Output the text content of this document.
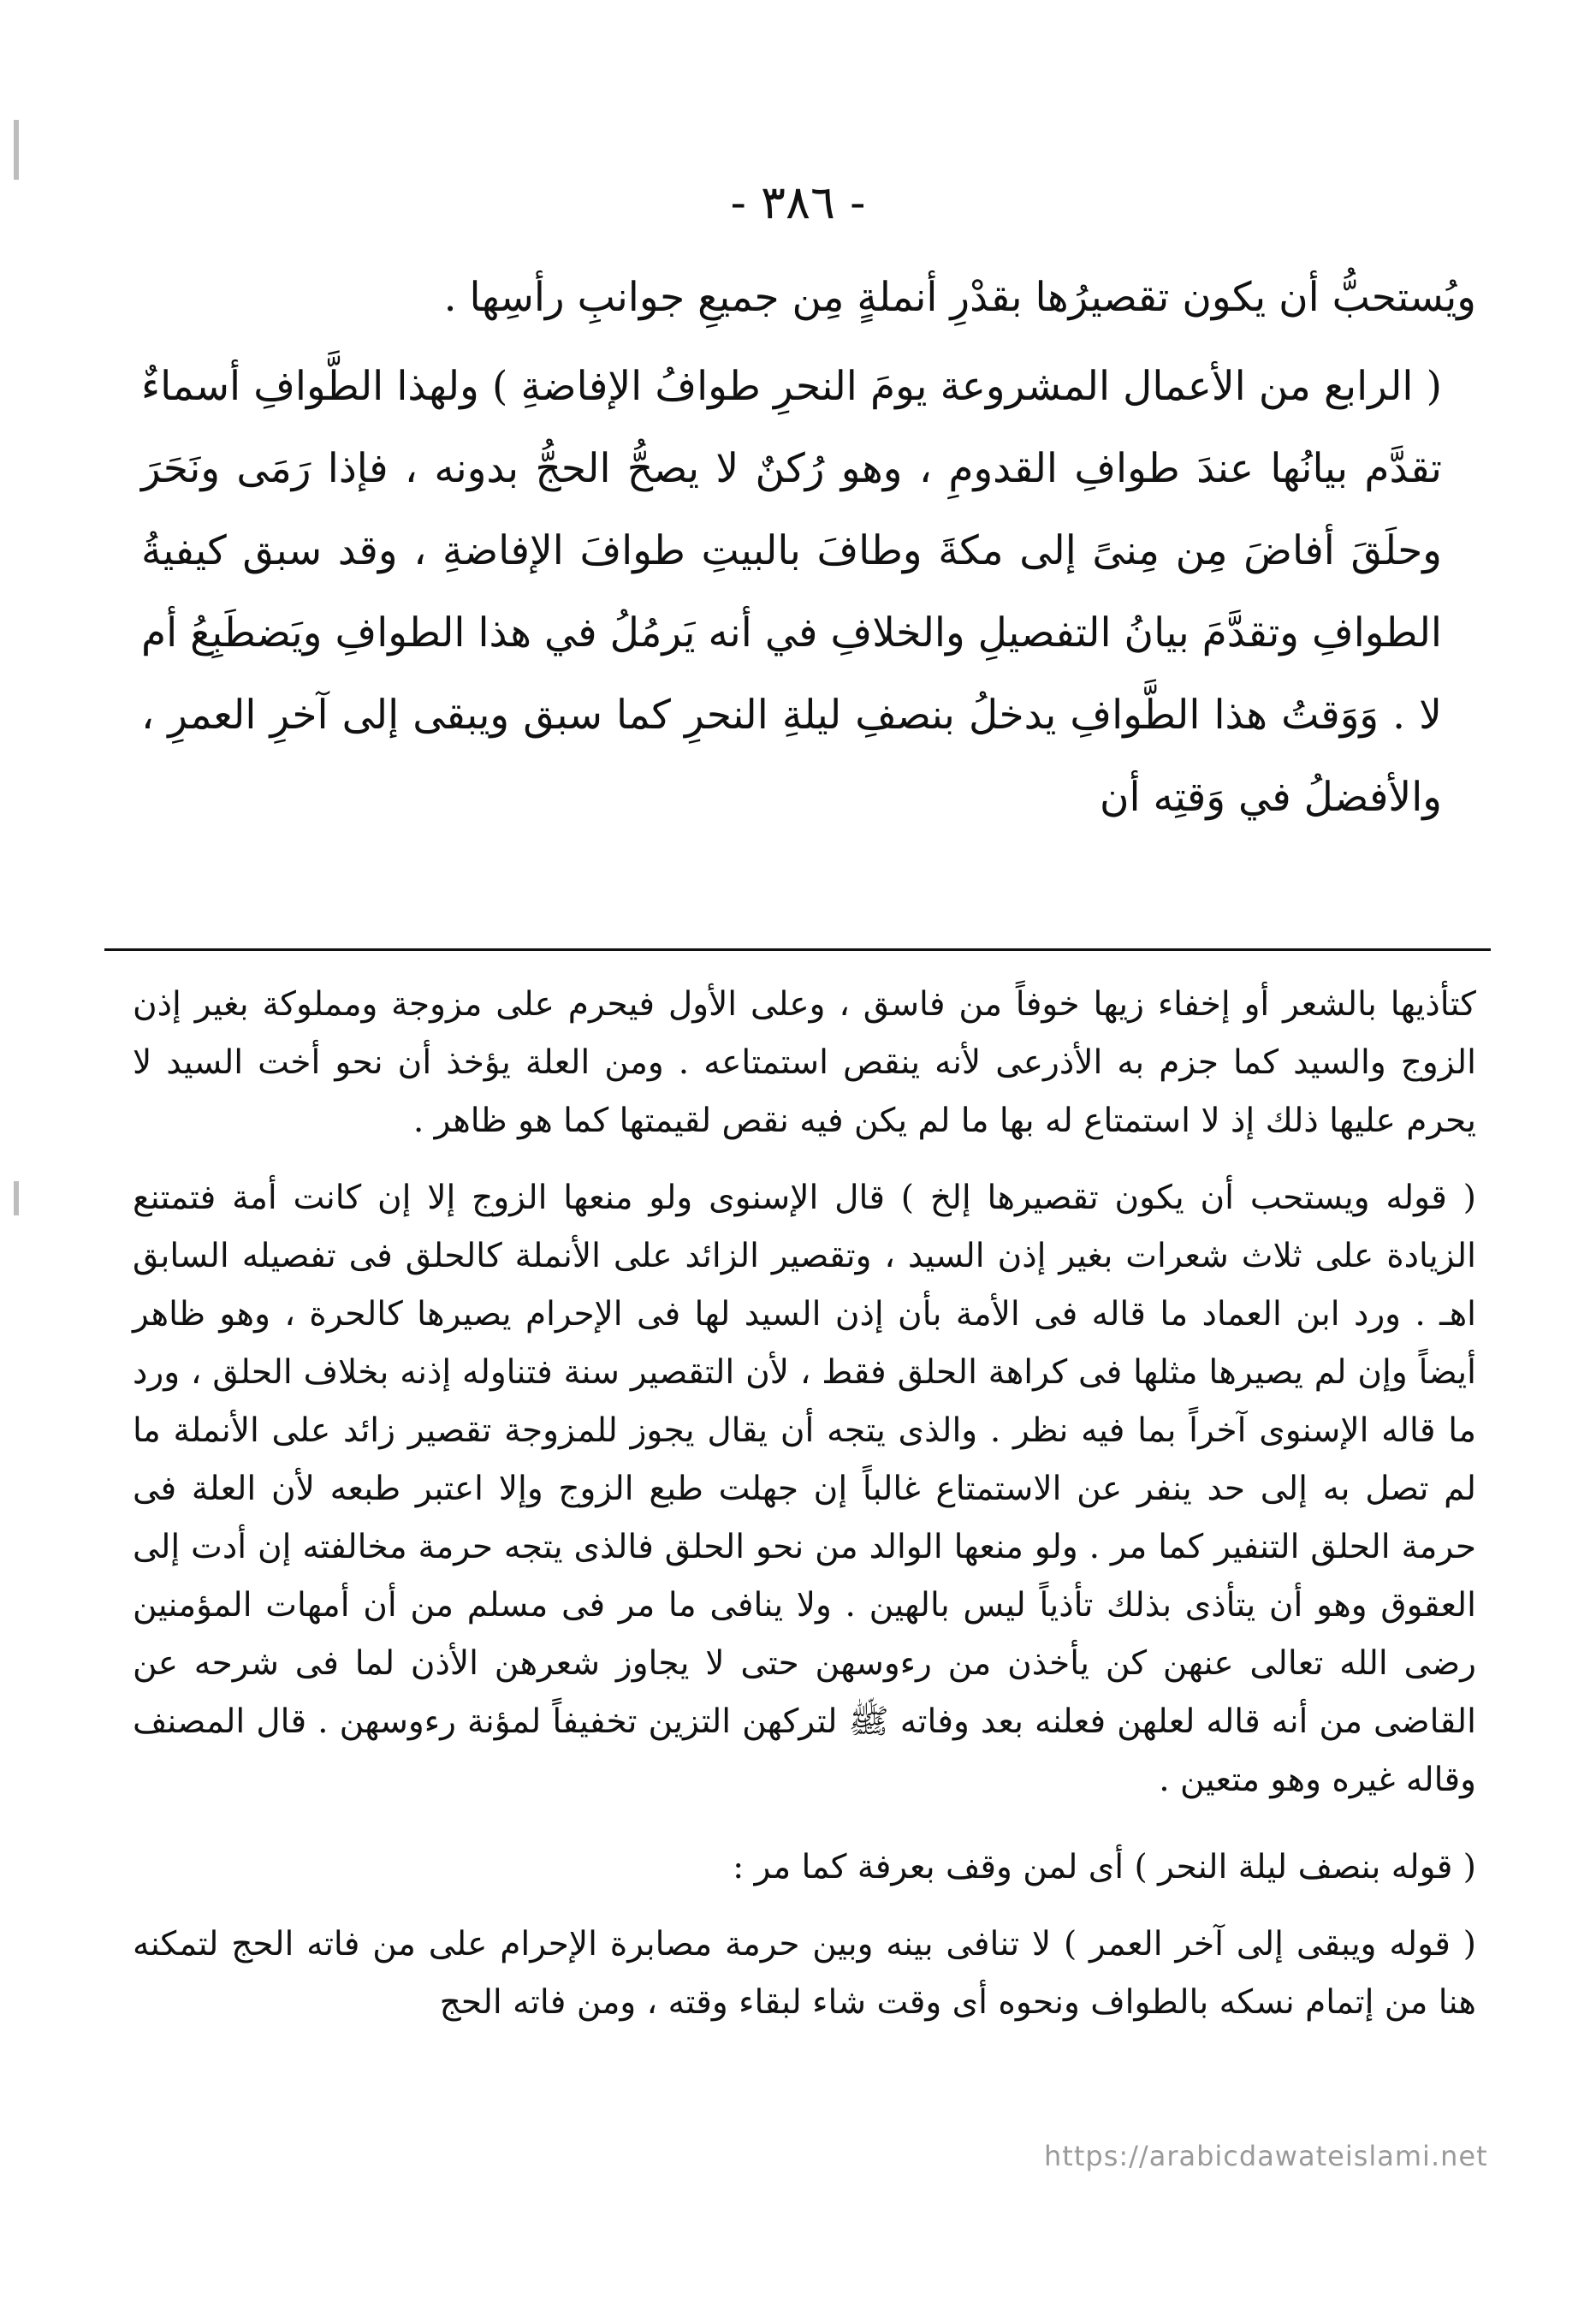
- ٣٨٦ -

ويُستحبُّ أن يكون تقصيرُها بقدْرِ أنملةٍ مِن جميعِ جوانبِ رأسِها .

( الرابع من الأعمال المشروعة يومَ النحرِ طوافُ الإفاضةِ ) ولهذا الطَّوافِ أسماءٌ تقدَّم بيانُها عندَ طوافِ القدومِ ، وهو رُكنٌ لا يصحُّ الحجُّ بدونه ، فإذا رَمَى ونَحَرَ وحلَقَ أفاضَ مِن مِنىً إلى مكةَ وطافَ بالبيتِ طوافَ الإفاضةِ ، وقد سبق كيفيةُ الطوافِ وتقدَّمَ بيانُ التفصيلِ والخلافِ في أنه يَرمُلُ في هذا الطوافِ ويَضطَبِعُ أم لا . وَوَقتُ هذا الطَّوافِ يدخلُ بنصفِ ليلةِ النحرِ كما سبق ويبقى إلى آخرِ العمرِ ، والأفضلُ في وَقتِه أن

كتأذيها بالشعر أو إخفاء زيها خوفاً من فاسق ، وعلى الأول فيحرم على مزوجة ومملوكة بغير إذن الزوج والسيد كما جزم به الأذرعى لأنه ينقص استمتاعه . ومن العلة يؤخذ أن نحو أخت السيد لا يحرم عليها ذلك إذ لا استمتاع له بها ما لم يكن فيه نقص لقيمتها كما هو ظاهر .

( قوله ويستحب أن يكون تقصيرها إلخ ) قال الإسنوى ولو منعها الزوج إلا إن كانت أمة فتمتنع الزيادة على ثلاث شعرات بغير إذن السيد ، وتقصير الزائد على الأنملة كالحلق فى تفصيله السابق اهـ . ورد ابن العماد ما قاله فى الأمة بأن إذن السيد لها فى الإحرام يصيرها كالحرة ، وهو ظاهر أيضاً وإن لم يصيرها مثلها فى كراهة الحلق فقط ، لأن التقصير سنة فتناوله إذنه بخلاف الحلق ، ورد ما قاله الإسنوى آخراً بما فيه نظر . والذى يتجه أن يقال يجوز للمزوجة تقصير زائد على الأنملة ما لم تصل به إلى حد ينفر عن الاستمتاع غالباً إن جهلت طبع الزوج وإلا اعتبر طبعه لأن العلة فى حرمة الحلق التنفير كما مر . ولو منعها الوالد من نحو الحلق فالذى يتجه حرمة مخالفته إن أدت إلى العقوق وهو أن يتأذى بذلك تأذياً ليس بالهين . ولا ينافى ما مر فى مسلم من أن أمهات المؤمنين رضى الله تعالى عنهن كن يأخذن من رءوسهن حتى لا يجاوز شعرهن الأذن لما فى شرحه عن القاضى من أنه قاله لعلهن فعلنه بعد وفاته ﷺ لتركهن التزين تخفيفاً لمؤنة رءوسهن . قال المصنف وقاله غيره وهو متعين .

( قوله بنصف ليلة النحر ) أى لمن وقف بعرفة كما مر :

( قوله ويبقى إلى آخر العمر ) لا تنافى بينه وبين حرمة مصابرة الإحرام على من فاته الحج لتمكنه هنا من إتمام نسكه بالطواف ونحوه أى وقت شاء لبقاء وقته ، ومن فاته الحج

https://arabicdawateislami.net
